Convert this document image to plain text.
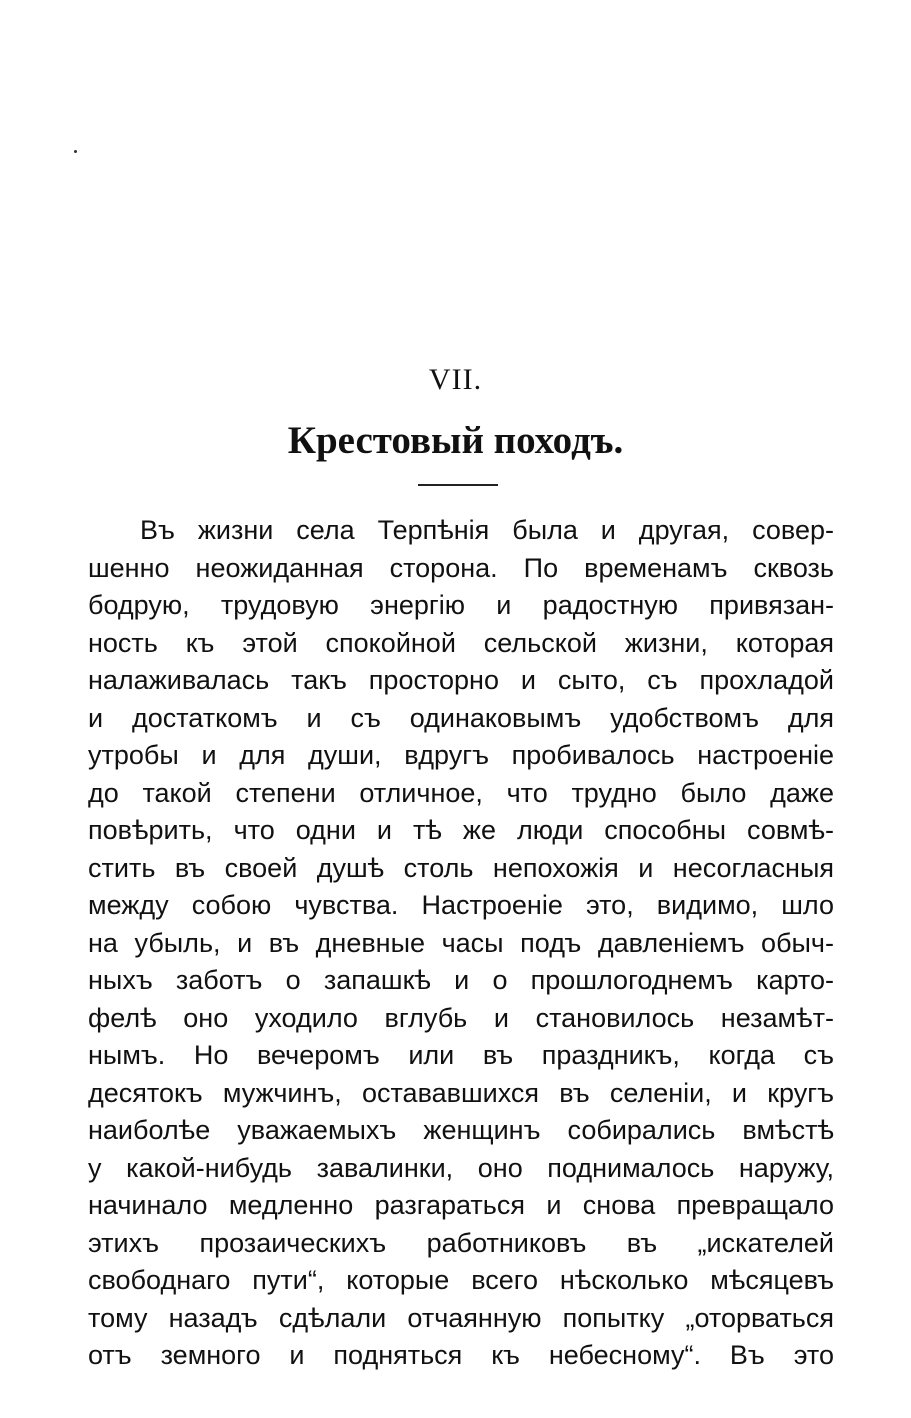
VII.
Крестовый походъ.
Въ жизни села Терпѣнія была и другая, совер-
шенно неожиданная сторона. По временамъ сквозь
бодрую, трудовую энергію и радостную привязан-
ность къ этой спокойной сельской жизни, которая
налаживалась такъ просторно и сыто, съ прохладой
и достаткомъ и съ одинаковымъ удобствомъ для
утробы и для души, вдругъ пробивалось настроеніе
до такой степени отличное, что трудно было даже
повѣрить, что одни и тѣ же люди способны совмѣ-
стить въ своей душѣ столь непохожія и несогласныя
между собою чувства. Настроеніе это, видимо, шло
на убыль, и въ дневные часы подъ давленіемъ обыч-
ныхъ заботъ о запашкѣ и о прошлогоднемъ карто-
фелѣ оно уходило вглубь и становилось незамѣт-
нымъ. Но вечеромъ или въ праздникъ, когда съ
десятокъ мужчинъ, остававшихся въ селеніи, и кругъ
наиболѣе уважаемыхъ женщинъ собирались вмѣстѣ
у какой-нибудь завалинки, оно поднималось наружу,
начинало медленно разгараться и снова превращало
этихъ прозаическихъ работниковъ въ „искателей
свободнаго пути“, которые всего нѣсколько мѣсяцевъ
тому назадъ сдѣлали отчаянную попытку „оторваться
отъ земного и подняться къ небесному“. Въ это
